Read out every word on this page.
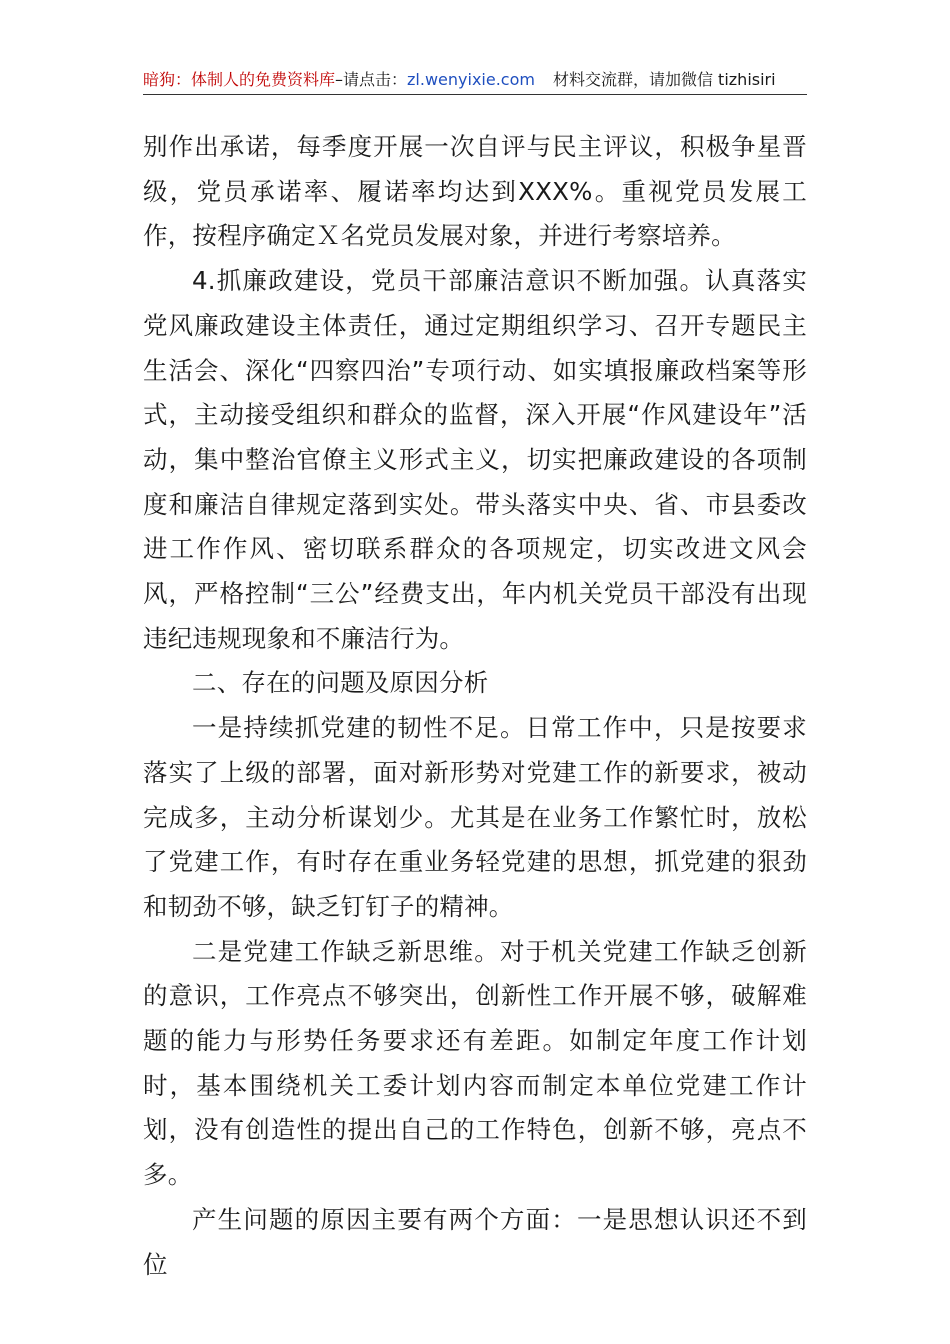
暗狗：体制人的免费资料库–请点击：zl.wenyixie.com 材料交流群，请加微信 tizhisiri

别作出承诺，每季度开展一次自评与民主评议，积极争星晋级，党员承诺率、履诺率均达到XXX%。重视党员发展工作，按程序确定Ｘ名党员发展对象，并进行考察培养。

4.抓廉政建设，党员干部廉洁意识不断加强。认真落实党风廉政建设主体责任，通过定期组织学习、召开专题民主生活会、深化“四察四治”专项行动、如实填报廉政档案等形式，主动接受组织和群众的监督，深入开展“作风建设年”活动，集中整治官僚主义形式主义，切实把廉政建设的各项制度和廉洁自律规定落到实处。带头落实中央、省、市县委改进工作作风、密切联系群众的各项规定，切实改进文风会风，严格控制“三公”经费支出，年内机关党员干部没有出现违纪违规现象和不廉洁行为。

二、存在的问题及原因分析

一是持续抓党建的韧性不足。日常工作中，只是按要求落实了上级的部署，面对新形势对党建工作的新要求，被动完成多，主动分析谋划少。尤其是在业务工作繁忙时，放松了党建工作，有时存在重业务轻党建的思想，抓党建的狠劲和韧劲不够，缺乏钉钉子的精神。

二是党建工作缺乏新思维。对于机关党建工作缺乏创新的意识，工作亮点不够突出，创新性工作开展不够，破解难题的能力与形势任务要求还有差距。如制定年度工作计划时，基本围绕机关工委计划内容而制定本单位党建工作计划，没有创造性的提出自己的工作特色，创新不够，亮点不多。

产生问题的原因主要有两个方面：一是思想认识还不到位
